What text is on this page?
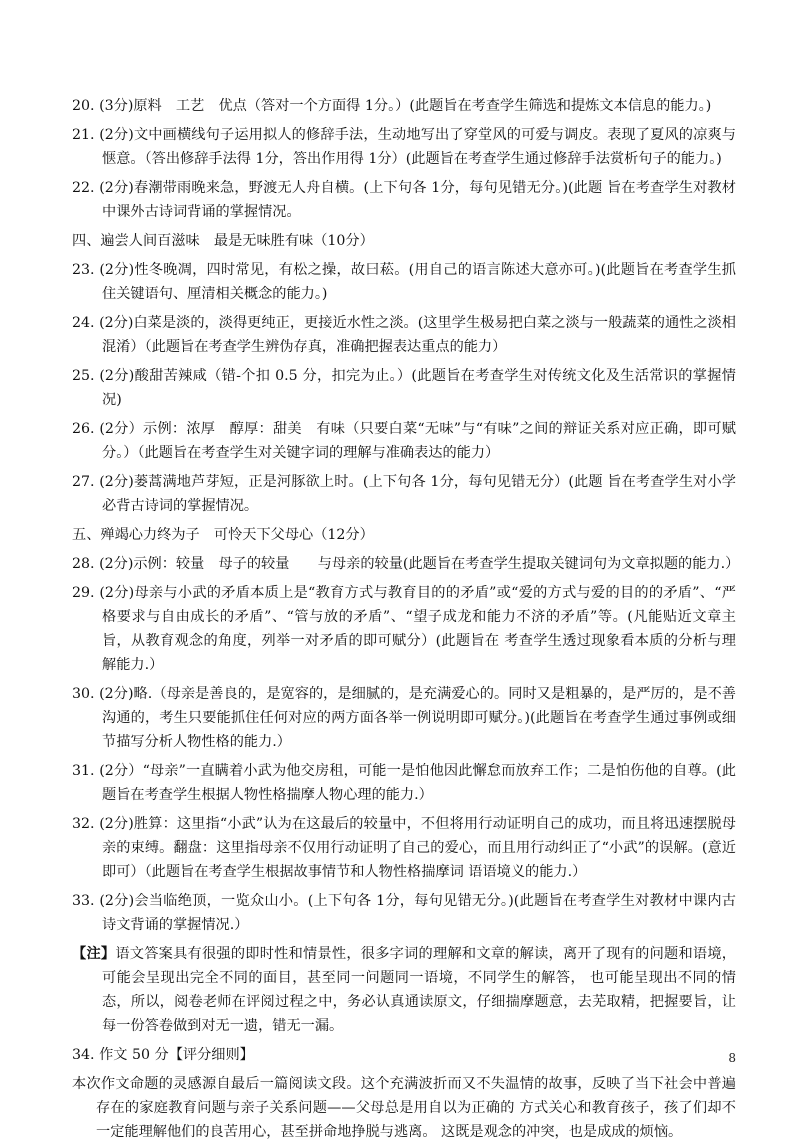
20. (3分)原料　工艺　优点（答对一个方面得 1分。）(此题旨在考查学生筛选和提炼文本信息的能力。)
21. (2分)文中画横线句子运用拟人的修辞手法，生动地写出了穿堂风的可爱与调皮。表现了夏风的凉爽与惬意。（答出修辞手法得 1分，答出作用得 1分）(此题旨在考查学生通过修辞手法赏析句子的能力。)
22. (2分)春潮带雨晚来急，野渡无人舟自横。(上下句各 1分，每句见错无分。)(此题 旨在考查学生对教材中课外古诗词背诵的掌握情况。
四、遍尝人间百滋味　最是无味胜有味（10分）
23. (2分)性冬晚凋，四时常见，有松之操，故曰菘。(用自己的语言陈述大意亦可。)(此题旨在考查学生抓住关键语句、厘清相关概念的能力。)
24. (2分)白菜是淡的，淡得更纯正，更接近水性之淡。(这里学生极易把白菜之淡与一般蔬菜的通性之淡相混淆）（此题旨在考查学生辨伪存真，准确把握表达重点的能力）
25. (2分)酸甜苦辣咸（错-个扣 0.5 分，扣完为止。）(此题旨在考查学生对传统文化及生活常识的掌握情况)
26. (2分）示例：浓厚　醇厚：甜美　有味（只要白菜“无味”与“有味”之间的辩证关系对应正确，即可赋分。）（此题旨在考查学生对关键字词的理解与准确表达的能力）
27. (2分)蒌蒿满地芦芽短，正是河豚欲上时。(上下句各 1分，每句见错无分）(此题 旨在考查学生对小学必背古诗词的掌握情况。
五、殚竭心力终为子　可怜天下父母心（12分）
28. (2分)示例：较量　母子的较量　　与母亲的较量(此题旨在考查学生提取关键词句为文章拟题的能力.）
29. (2分)母亲与小武的矛盾本质上是“教育方式与教育目的的矛盾”或“爱的方式与爱的目的的矛盾”、“严格要求与自由成长的矛盾”、“管与放的矛盾”、“望子成龙和能力不济的矛盾”等。(凡能贴近文章主旨，从教育观念的角度，列举一对矛盾的即可赋分）(此题旨在 考查学生透过现象看本质的分析与理解能力.）
30. (2分)略.（母亲是善良的，是宽容的，是细腻的，是充满爱心的。同时又是粗暴的，是严厉的，是不善沟通的，考生只要能抓住任何对应的两方面各举一例说明即可赋分。)(此题旨在考查学生通过事例或细节描写分析人物性格的能力.）
31. (2分）“母亲”一直瞒着小武为他交房租，可能一是怕他因此懈怠而放弃工作；二是怕伤他的自尊。(此题旨在考查学生根据人物性格揣摩人物心理的能力.）
32. (2分)胜算：这里指“小武”认为在这最后的较量中，不但将用行动证明自己的成功，而且将迅速摆脱母亲的束缚。翻盘：这里指母亲不仅用行动证明了自己的爱心，而且用行动纠正了“小武”的误解。(意近即可）（此题旨在考查学生根据故事情节和人物性格揣摩词 语语境义的能力.）
33. (2分)会当临绝顶，一览众山小。(上下句各 1分，每句见错无分。)(此题旨在考查学生对教材中课内古诗文背诵的掌握情况.）
【注】语文答案具有很强的即时性和情景性，很多字词的理解和文章的解读，离开了现有的问题和语境，可能会呈现出完全不同的面目，甚至同一问题同一语境，不同学生的解答， 也可能呈现出不同的情态，所以，阅卷老师在评阅过程之中，务必认真通读原文，仔细揣摩题意，去芜取精，把握要旨，让每一份答卷做到对无一遗，错无一漏。
34. 作文 50 分【评分细则】
本次作文命题的灵感源自最后一篇阅读文段。这个充满波折而又不失温情的故事，反映了当下社会中普遍存在的家庭教育问题与亲子关系问题——父母总是用自以为正确的 方式关心和教育孩子，孩了们却不一定能理解他们的良苦用心，甚至拼命地挣脱与逃离。 这既是观念的冲突，也是成成的烦恼。
8
